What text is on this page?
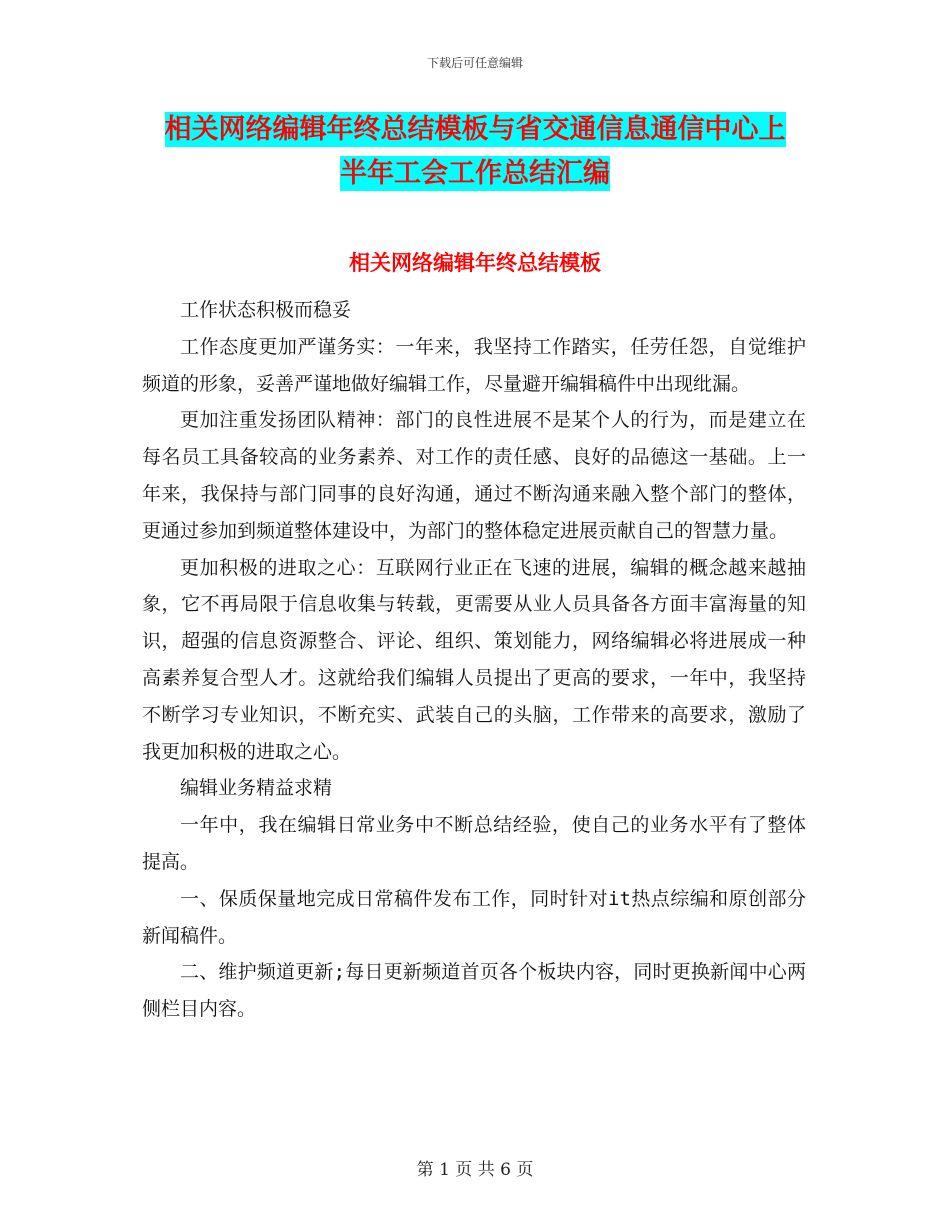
下载后可任意编辑
相关网络编辑年终总结模板与省交通信息通信中心上
半年工会工作总结汇编
相关网络编辑年终总结模板

工作状态积极而稳妥

工作态度更加严谨务实：一年来，我坚持工作踏实，任劳任怨，自觉维护频道的形象，妥善严谨地做好编辑工作，尽量避开编辑稿件中出现纰漏。

更加注重发扬团队精神：部门的良性进展不是某个人的行为，而是建立在每名员工具备较高的业务素养、对工作的责任感、良好的品德这一基础。上一年来，我保持与部门同事的良好沟通，通过不断沟通来融入整个部门的整体，更通过参加到频道整体建设中，为部门的整体稳定进展贡献自己的智慧力量。

更加积极的进取之心：互联网行业正在飞速的进展，编辑的概念越来越抽象，它不再局限于信息收集与转载，更需要从业人员具备各方面丰富海量的知识，超强的信息资源整合、评论、组织、策划能力，网络编辑必将进展成一种高素养复合型人才。这就给我们编辑人员提出了更高的要求，一年中，我坚持不断学习专业知识，不断充实、武装自己的头脑，工作带来的高要求，激励了我更加积极的进取之心。

编辑业务精益求精

一年中，我在编辑日常业务中不断总结经验，使自己的业务水平有了整体提高。

一、保质保量地完成日常稿件发布工作，同时针对it热点综编和原创部分新闻稿件。

二、维护频道更新;每日更新频道首页各个板块内容，同时更换新闻中心两侧栏目内容。

第 1 页 共 6 页
